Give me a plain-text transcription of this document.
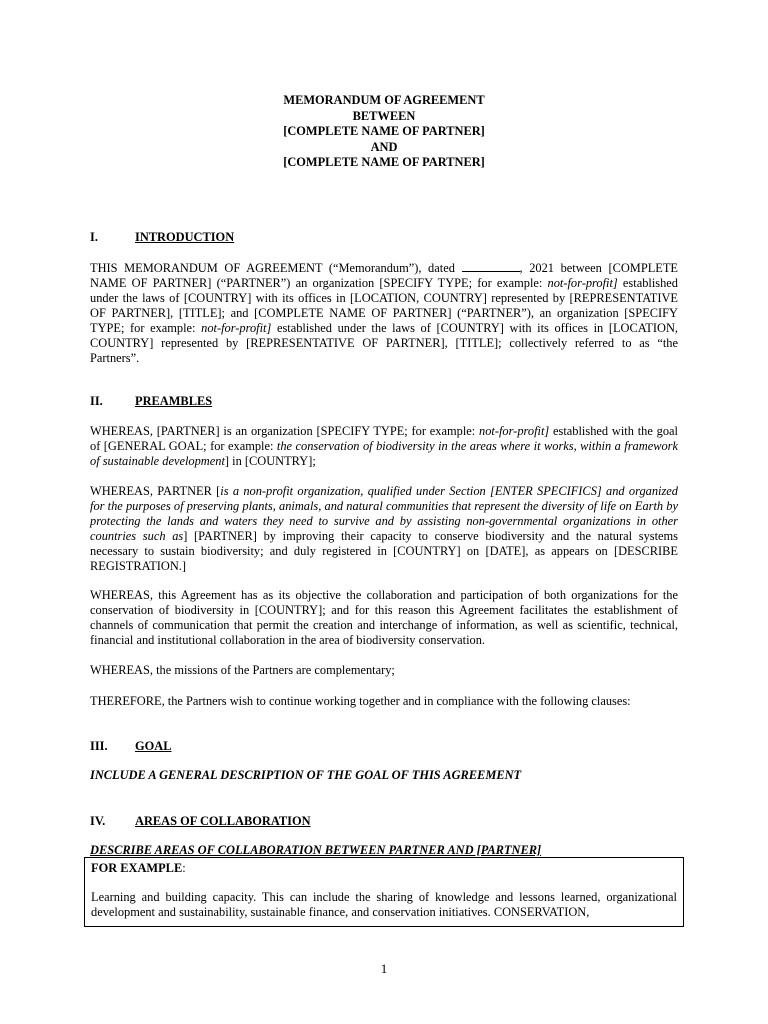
MEMORANDUM OF AGREEMENT
BETWEEN
[COMPLETE NAME OF PARTNER]
AND
[COMPLETE NAME OF PARTNER]
I.	INTRODUCTION

THIS MEMORANDUM OF AGREEMENT (“Memorandum”), dated	, 2021 between [COMPLETE NAME OF PARTNER] (“PARTNER”) an organization [SPECIFY TYPE; for example: not-for-profit] established under the laws of [COUNTRY] with its offices in [LOCATION, COUNTRY] represented by [REPRESENTATIVE OF PARTNER], [TITLE]; and [COMPLETE NAME OF PARTNER] (“PARTNER”), an organization [SPECIFY TYPE; for example: not-for-profit] established under the laws of [COUNTRY] with its offices in [LOCATION, COUNTRY] represented by [REPRESENTATIVE OF PARTNER], [TITLE]; collectively referred to as “the Partners”.

II.	PREAMBLES

WHEREAS, [PARTNER] is an organization [SPECIFY TYPE; for example: not-for-profit] established with the goal of [GENERAL GOAL; for example: the conservation of biodiversity in the areas where it works, within a framework of sustainable development] in [COUNTRY];

WHEREAS, PARTNER [is a non-profit organization, qualified under Section [ENTER SPECIFICS] and organized for the purposes of preserving plants, animals, and natural communities that represent the diversity of life on Earth by protecting the lands and waters they need to survive and by assisting non-governmental organizations in other countries such as] [PARTNER] by improving their capacity to conserve biodiversity and the natural systems necessary to sustain biodiversity; and duly registered in [COUNTRY] on [DATE], as appears on [DESCRIBE REGISTRATION.]

WHEREAS, this Agreement has as its objective the collaboration and participation of both organizations for the conservation of biodiversity in [COUNTRY]; and for this reason this Agreement facilitates the establishment of channels of communication that permit the creation and interchange of information, as well as scientific, technical, financial and institutional collaboration in the area of biodiversity conservation.

WHEREAS, the missions of the Partners are complementary;

THEREFORE, the Partners wish to continue working together and in compliance with the following clauses:

III. GOAL
INCLUDE A GENERAL DESCRIPTION OF THE GOAL OF THIS AGREEMENT
IV. AREAS OF COLLABORATION
DESCRIBE AREAS OF COLLABORATION BETWEEN PARTNER AND [PARTNER]
FOR EXAMPLE:
Learning and building capacity. This can include the sharing of knowledge and lessons learned, organizational development and sustainability, sustainable finance, and conservation initiatives. CONSERVATION,
1
